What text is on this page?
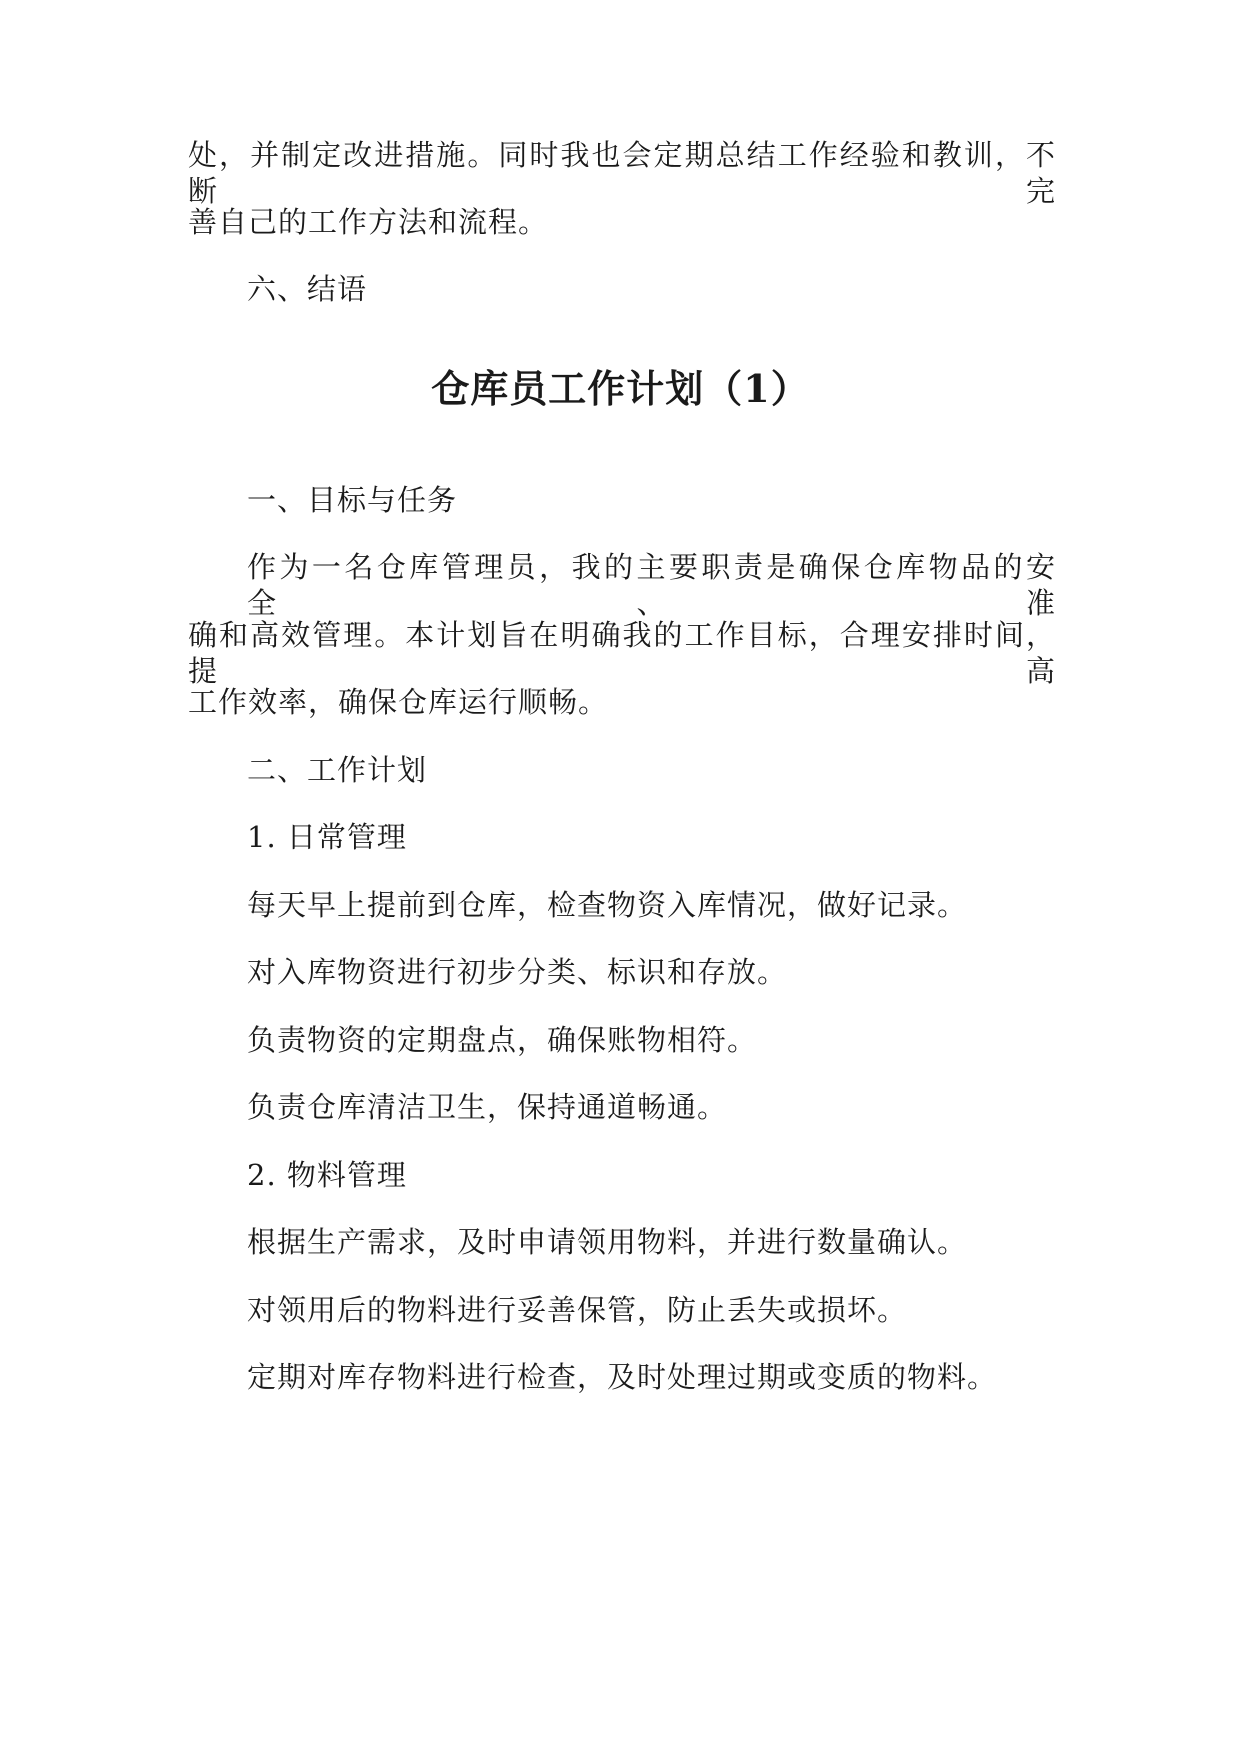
处，并制定改进措施。同时我也会定期总结工作经验和教训，不断完
善自己的工作方法和流程。
六、结语
仓库员工作计划（1）
一、目标与任务
作为一名仓库管理员，我的主要职责是确保仓库物品的安全、准
确和高效管理。本计划旨在明确我的工作目标，合理安排时间，提高
工作效率，确保仓库运行顺畅。
二、工作计划
1. 日常管理
每天早上提前到仓库，检查物资入库情况，做好记录。
对入库物资进行初步分类、标识和存放。
负责物资的定期盘点，确保账物相符。
负责仓库清洁卫生，保持通道畅通。
2. 物料管理
根据生产需求，及时申请领用物料，并进行数量确认。
对领用后的物料进行妥善保管，防止丢失或损坏。
定期对库存物料进行检查，及时处理过期或变质的物料。
